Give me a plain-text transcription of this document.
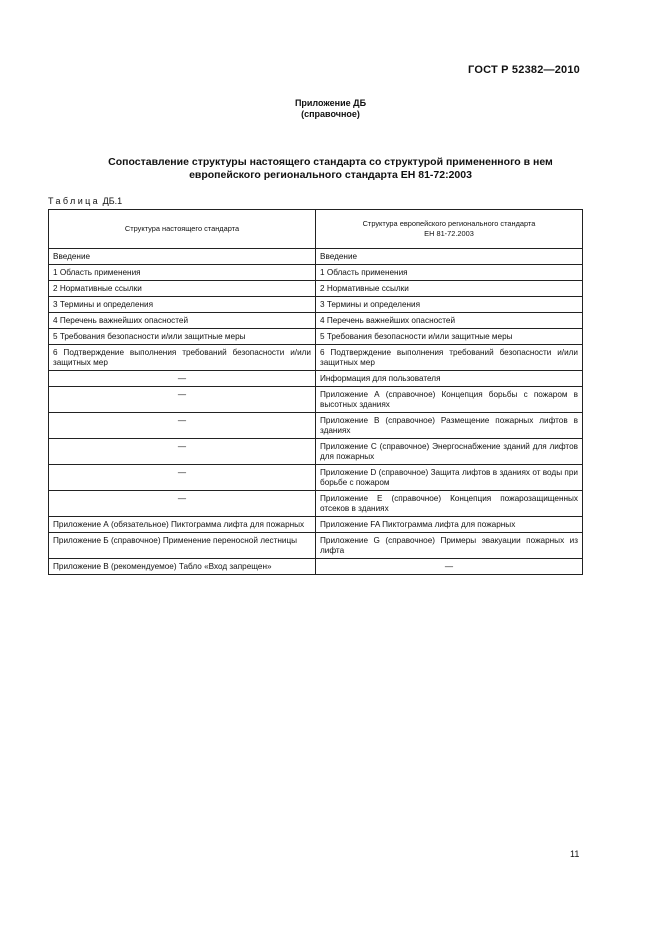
ГОСТ Р 52382—2010
Приложение ДБ
(справочное)
Сопоставление структуры настоящего стандарта со структурой примененного в нем
европейского регионального стандарта ЕН 81-72:2003
Таблица ДБ.1
Структура настоящего стандарта	Структура европейского регионального стандарта
ЕН 81-72.2003

Введение	Введение
1 Область применения	1 Область применения
2 Нормативные ссылки	2 Нормативные ссылки
3 Термины и определения	3 Термины и определения
4 Перечень важнейших опасностей	4 Перечень важнейших опасностей
5 Требования безопасности и/или защитные меры	5 Требования безопасности и/или защитные меры
6 Подтверждение выполнения требований безопасности и/или защитных мер	6 Подтверждение выполнения требований безопасности и/или защитных мер
—	Информация для пользователя
—	Приложение А (справочное) Концепция борьбы с пожаром в высотных зданиях
—	Приложение В (справочное) Размещение пожарных лифтов в зданиях
—	Приложение С (справочное) Энергоснабжение зданий для лифтов для пожарных
—	Приложение D (справочное) Защита лифтов в зданиях от воды при борьбе с пожаром
—	Приложение Е (справочное) Концепция пожарозащищенных отсеков в зданиях
Приложение А (обязательное) Пиктограмма лифта для пожарных	Приложение FA Пиктограмма лифта для пожарных
Приложение Б (справочное) Применение переносной лестницы	Приложение G (справочное) Примеры эвакуации пожарных из лифта
Приложение В (рекомендуемое) Табло «Вход запрещен»	—
11
